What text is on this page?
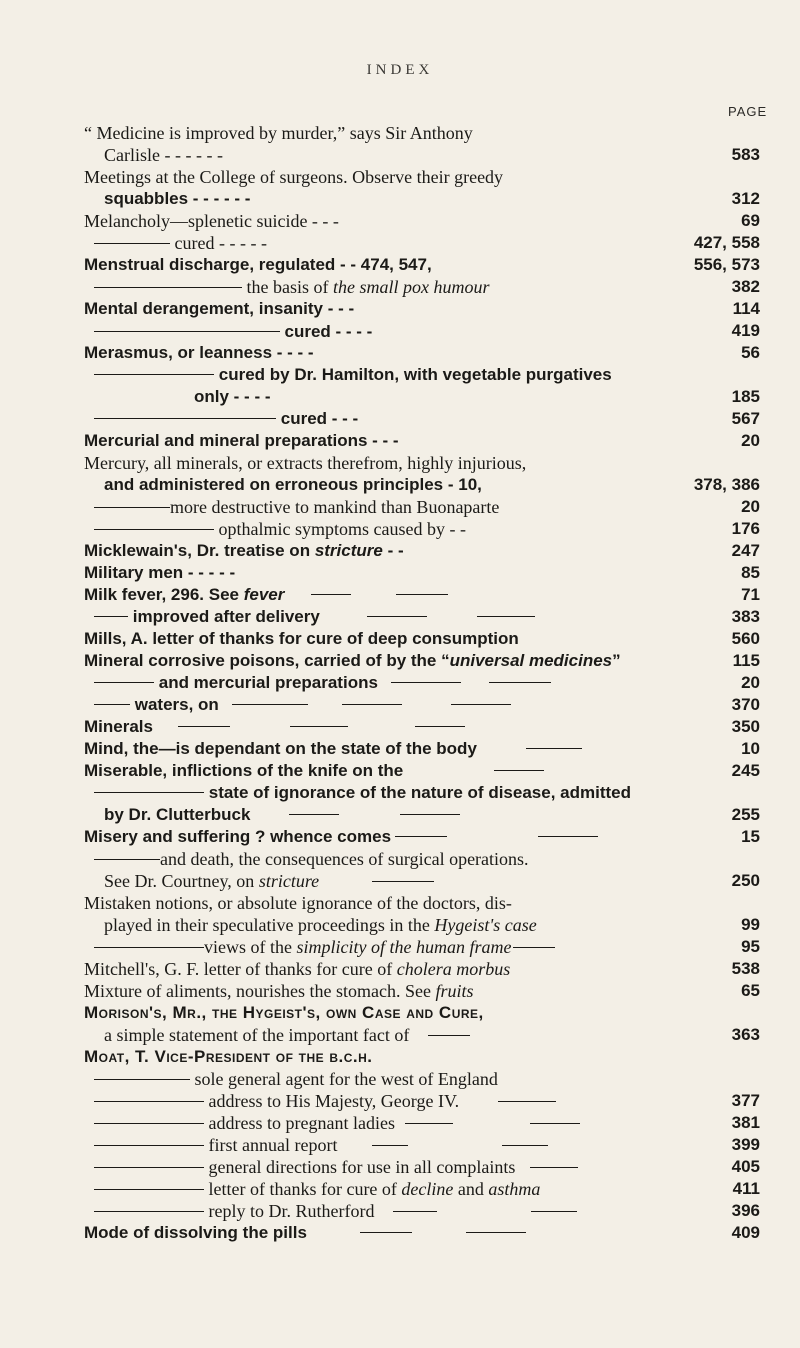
INDEX
PAGE
“ Medicine is improved by murder,” says Sir Anthony
Carlisle - - - - - -	583
Meetings at the College of surgeons. Observe their greedy
squabbles - - - - - -	312
Melancholy—splenetic suicide - - -	69
cured - - - - -	427, 558
Menstrual discharge, regulated - - 474, 547,	556, 573
the basis of the small pox humour	382
Mental derangement, insanity - - -	114
cured - - - -	419
Merasmus, or leanness - - - -	56
cured by Dr. Hamilton, with vegetable purgatives
only - - - -	185
cured - - -	567
Mercurial and mineral preparations - - -	20
Mercury, all minerals, or extracts therefrom, highly injurious,
and administered on erroneous principles - 10,	378, 386
more destructive to mankind than Buonaparte	20
opthalmic symptoms caused by - -	176
Micklewain's, Dr. treatise on stricture - -	247
Military men - - - - -	85
Milk fever, 296. See fever	71
improved after delivery	383
Mills, A. letter of thanks for cure of deep consumption	560
Mineral corrosive poisons, carried of by the “universal medicines”	115
and mercurial preparations	20
waters, on	370
Minerals	350
Mind, the—is dependant on the state of the body	10
Miserable, inflictions of the knife on the	245
state of ignorance of the nature of disease, admitted
by Dr. Clutterbuck	255
Misery and suffering ? whence comes	15
and death, the consequences of surgical operations.
See Dr. Courtney, on stricture	250
Mistaken notions, or absolute ignorance of the doctors, dis-
played in their speculative proceedings in the Hygeist's case	99
views of the simplicity of the human frame	95
Mitchell's, G. F. letter of thanks for cure of cholera morbus	538
Mixture of aliments, nourishes the stomach. See fruits	65
Morison's, Mr., the Hygeist's, own Case and Cure,
a simple statement of the important fact of	363
Moat, T. Vice-President of the b.c.h.
sole general agent for the west of England
address to His Majesty, George IV.	377
address to pregnant ladies	381
first annual report	399
general directions for use in all complaints	405
letter of thanks for cure of decline and asthma	411
reply to Dr. Rutherford	396
Mode of dissolving the pills	409
